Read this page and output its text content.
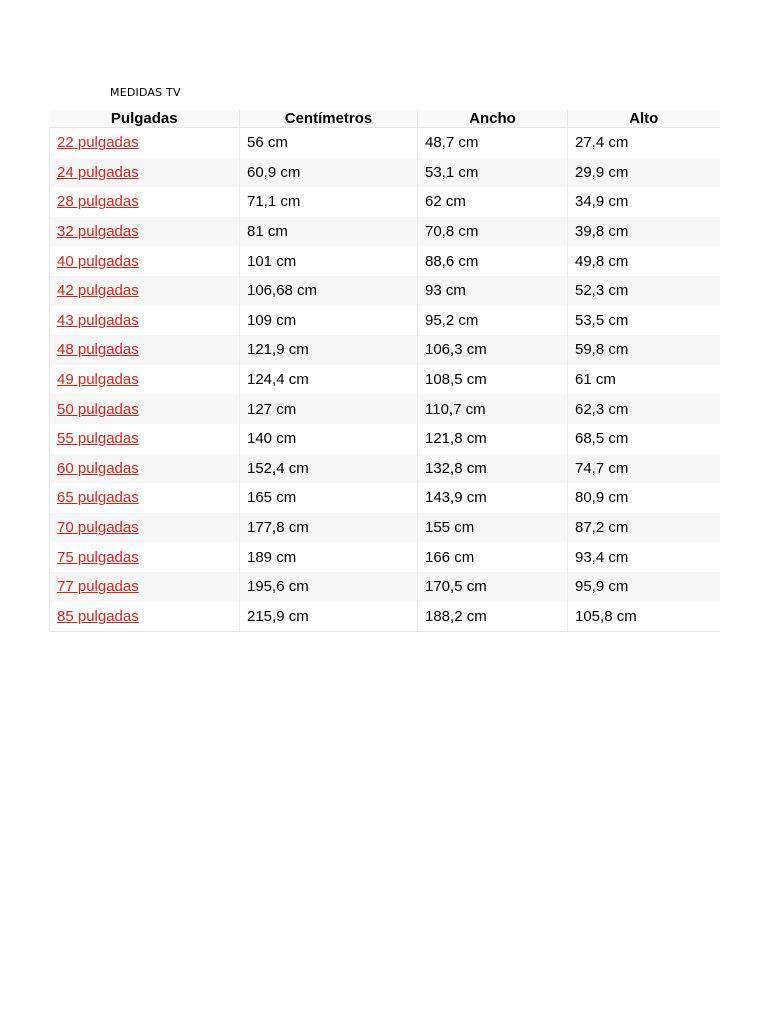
MEDIDAS TV
Pulgadas	Centímetros	Ancho	Alto
22 pulgadas	56 cm	48,7 cm	27,4 cm
24 pulgadas	60,9 cm	53,1 cm	29,9 cm
28 pulgadas	71,1 cm	62 cm	34,9 cm
32 pulgadas	81 cm	70,8 cm	39,8 cm
40 pulgadas	101 cm	88,6 cm	49,8 cm
42 pulgadas	106,68 cm	93 cm	52,3 cm
43 pulgadas	109 cm	95,2 cm	53,5 cm
48 pulgadas	121,9 cm	106,3 cm	59,8 cm
49 pulgadas	124,4 cm	108,5 cm	61 cm
50 pulgadas	127 cm	110,7 cm	62,3 cm
55 pulgadas	140 cm	121,8 cm	68,5 cm
60 pulgadas	152,4 cm	132,8 cm	74,7 cm
65 pulgadas	165 cm	143,9 cm	80,9 cm
70 pulgadas	177,8 cm	155 cm	87,2 cm
75 pulgadas	189 cm	166 cm	93,4 cm
77 pulgadas	195,6 cm	170,5 cm	95,9 cm
85 pulgadas	215,9 cm	188,2 cm	105,8 cm
